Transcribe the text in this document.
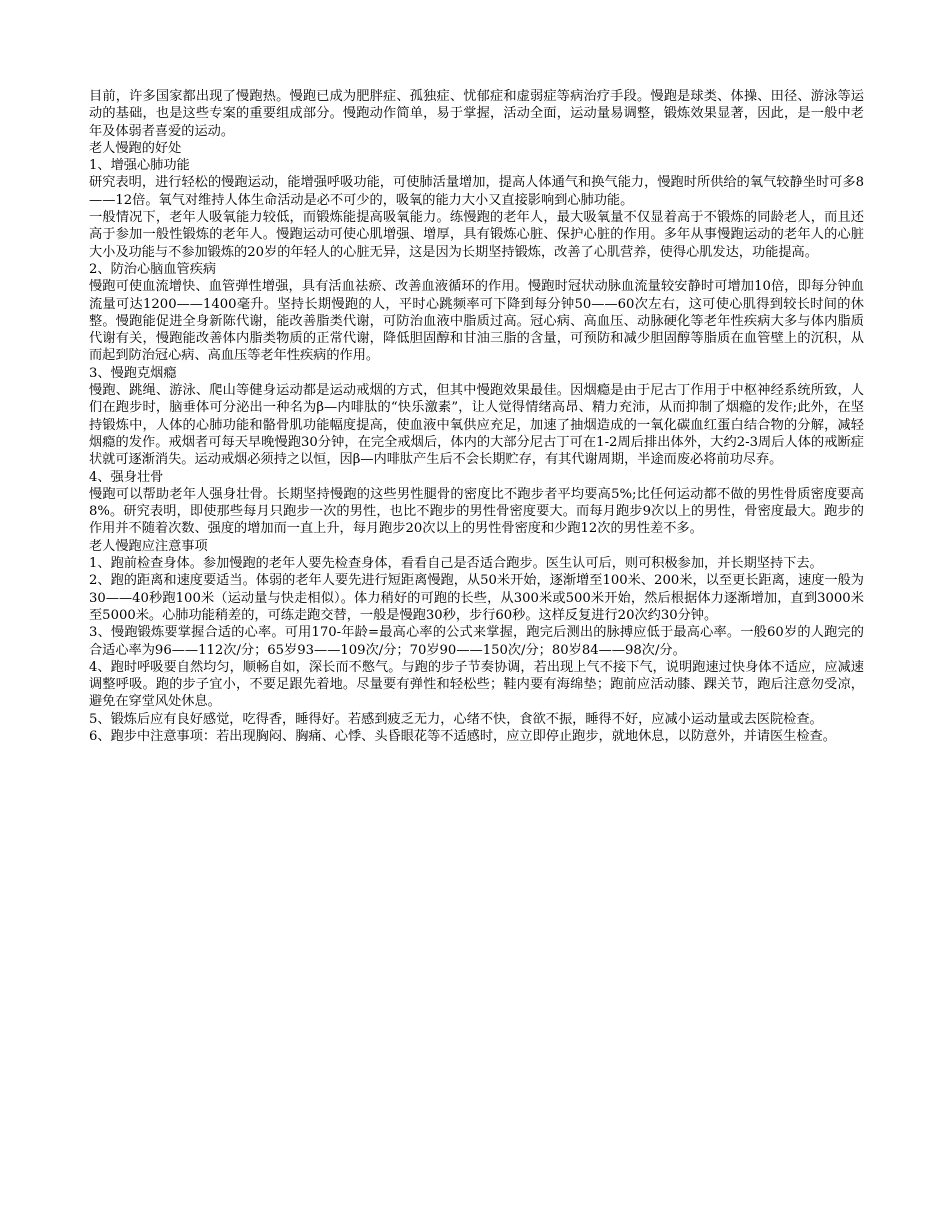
目前，许多国家都出现了慢跑热。慢跑已成为肥胖症、孤独症、忧郁症和虚弱症等病治疗手段。慢跑是球类、体操、田径、游泳等运动的基础，也是这些专案的重要组成部分。慢跑动作简单，易于掌握，活动全面，运动量易调整，锻炼效果显著，因此，是一般中老年及体弱者喜爱的运动。

老人慢跑的好处

1、增强心肺功能

研究表明，进行轻松的慢跑运动，能增强呼吸功能，可使肺活量增加，提高人体通气和换气能力，慢跑时所供给的氧气较静坐时可多8——12倍。氧气对维持人体生命活动是必不可少的，吸氧的能力大小又直接影响到心肺功能。

一般情况下，老年人吸氧能力较低，而锻炼能提高吸氧能力。练慢跑的老年人，最大吸氧量不仅显着高于不锻炼的同龄老人，而且还高于参加一般性锻炼的老年人。慢跑运动可使心肌增强、增厚，具有锻炼心脏、保护心脏的作用。多年从事慢跑运动的老年人的心脏大小及功能与不参加锻炼的20岁的年轻人的心脏无异，这是因为长期坚持锻炼，改善了心肌营养，使得心肌发达，功能提高。

2、防治心脑血管疾病

慢跑可使血流增快、血管弹性增强，具有活血祛瘀、改善血液循环的作用。慢跑时冠状动脉血流量较安静时可增加10倍，即每分钟血流量可达1200——1400毫升。坚持长期慢跑的人，平时心跳频率可下降到每分钟50——60次左右，这可使心肌得到较长时间的休整。慢跑能促进全身新陈代谢，能改善脂类代谢，可防治血液中脂质过高。冠心病、高血压、动脉硬化等老年性疾病大多与体内脂质代谢有关，慢跑能改善体内脂类物质的正常代谢，降低胆固醇和甘油三脂的含量，可预防和减少胆固醇等脂质在血管壁上的沉积，从而起到防治冠心病、高血压等老年性疾病的作用。

3、慢跑克烟瘾

慢跑、跳绳、游泳、爬山等健身运动都是运动戒烟的方式，但其中慢跑效果最佳。因烟瘾是由于尼古丁作用于中枢神经系统所致，人们在跑步时，脑垂体可分泌出一种名为β—内啡肽的“快乐激素”，让人觉得情绪高昂、精力充沛，从而抑制了烟瘾的发作;此外，在坚持锻炼中，人体的心肺功能和骼骨肌功能幅度提高，使血液中氧供应充足，加速了抽烟造成的一氧化碳血红蛋白结合物的分解，减轻烟瘾的发作。戒烟者可每天早晚慢跑30分钟，在完全戒烟后，体内的大部分尼古丁可在1-2周后排出体外，大约2-3周后人体的戒断症状就可逐渐消失。运动戒烟必须持之以恒，因β—内啡肽产生后不会长期贮存，有其代谢周期，半途而废必将前功尽弃。

4、强身壮骨

慢跑可以帮助老年人强身壮骨。长期坚持慢跑的这些男性腿骨的密度比不跑步者平均要高5%;比任何运动都不做的男性骨质密度要高8%。研究表明，即使那些每月只跑步一次的男性，也比不跑步的男性骨密度要大。而每月跑步9次以上的男性，骨密度最大。跑步的作用并不随着次数、强度的增加而一直上升，每月跑步20次以上的男性骨密度和少跑12次的男性差不多。

老人慢跑应注意事项

1、跑前检查身体。参加慢跑的老年人要先检查身体，看看自己是否适合跑步。医生认可后，则可积极参加，并长期坚持下去。

2、跑的距离和速度要适当。体弱的老年人要先进行短距离慢跑，从50米开始，逐渐增至100米、200米，以至更长距离，速度一般为30——40秒跑100米（运动量与快走相似）。体力稍好的可跑的长些，从300米或500米开始，然后根据体力逐渐增加，直到3000米至5000米。心肺功能稍差的，可练走跑交替，一般是慢跑30秒，步行60秒。这样反复进行20次约30分钟。

3、慢跑锻炼要掌握合适的心率。可用170-年龄=最高心率的公式来掌握，跑完后测出的脉搏应低于最高心率。一般60岁的人跑完的合适心率为96——112次/分；65岁93——109次/分；70岁90——150次/分；80岁84——98次/分。

4、跑时呼吸要自然均匀，顺畅自如，深长而不憋气。与跑的步子节奏协调，若出现上气不接下气，说明跑速过快身体不适应，应减速调整呼吸。跑的步子宜小，不要足跟先着地。尽量要有弹性和轻松些；鞋内要有海绵垫；跑前应活动膝、踝关节，跑后注意勿受凉，避免在穿堂风处休息。

5、锻炼后应有良好感觉，吃得香，睡得好。若感到疲乏无力，心绪不快，食欲不振，睡得不好，应减小运动量或去医院检查。

6、跑步中注意事项：若出现胸闷、胸痛、心悸、头昏眼花等不适感时，应立即停止跑步，就地休息，以防意外，并请医生检查。
